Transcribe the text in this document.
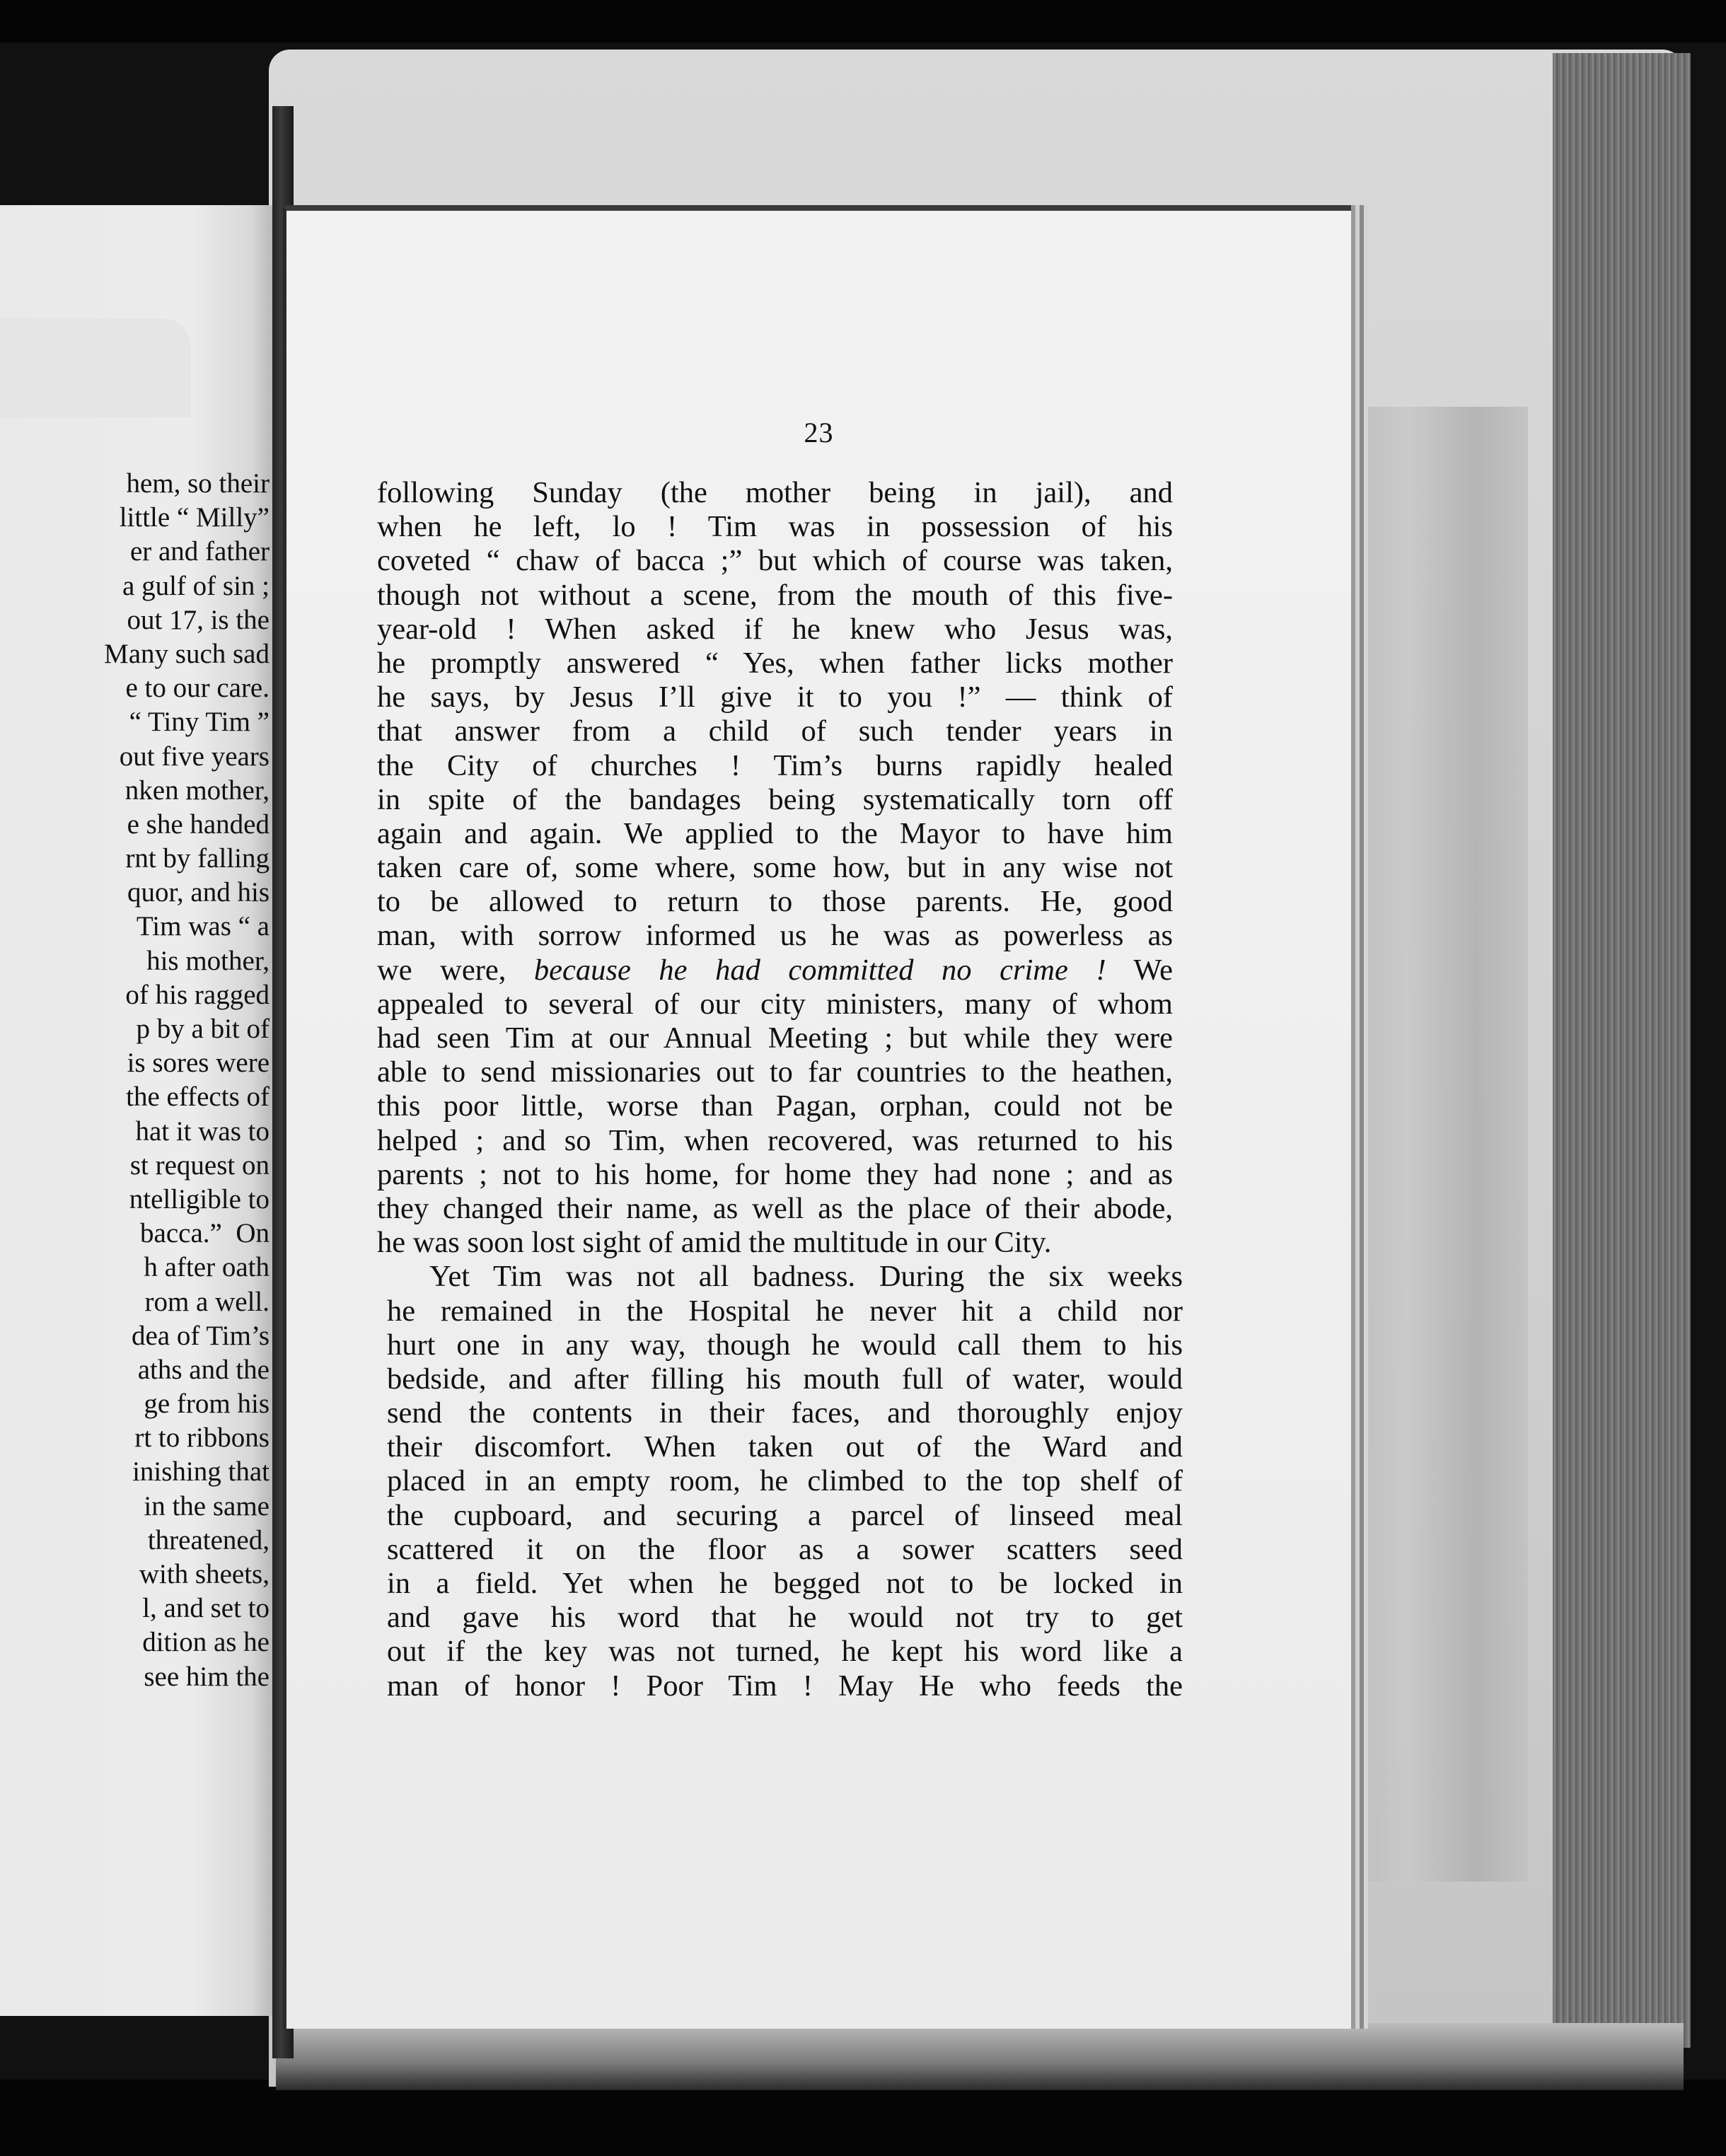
hem, so their
little “ Milly”
er and father
a gulf of sin ;
out 17, is the
Many such sad
e to our care.
“ Tiny Tim ”
out five years
nken mother,
e she handed
rnt by falling
quor, and his
Tim was “ a
his mother,
of his ragged
p by a bit of
is sores were
the effects of
hat it was to
st request on
ntelligible to
bacca.”  On
h after oath
rom a well.
dea of Tim’s
aths and the
ge from his
rt to ribbons
inishing that
in the same
threatened,
with sheets,
l, and set to
dition as he
see him the
23
following Sunday (the mother being in jail), and
when he left, lo ! Tim was in possession of his
coveted “ chaw of bacca ;” but which of course was taken,
though not without a scene, from the mouth of this five-
year-old ! When asked if he knew who Jesus was,
he promptly answered “ Yes, when father licks mother
he says, by Jesus I’ll give it to you !” — think of
that answer from a child of such tender years in
the City of churches ! Tim’s burns rapidly healed
in spite of the bandages being systematically torn off
again and again. We applied to the Mayor to have him
taken care of, some where, some how, but in any wise not
to be allowed to return to those parents. He, good
man, with sorrow informed us he was as powerless as
we were, because he had committed no crime ! We
appealed to several of our city ministers, many of whom
had seen Tim at our Annual Meeting ; but while they were
able to send missionaries out to far countries to the heathen,
this poor little, worse than Pagan, orphan, could not be
helped ; and so Tim, when recovered, was returned to his
parents ; not to his home, for home they had none ; and as
they changed their name, as well as the place of their abode,
he was soon lost sight of amid the multitude in our City.
Yet Tim was not all badness. During the six weeks
he remained in the Hospital he never hit a child nor
hurt one in any way, though he would call them to his
bedside, and after filling his mouth full of water, would
send the contents in their faces, and thoroughly enjoy
their discomfort. When taken out of the Ward and
placed in an empty room, he climbed to the top shelf of
the cupboard, and securing a parcel of linseed meal
scattered it on the floor as a sower scatters seed
in a field. Yet when he begged not to be locked in
and gave his word that he would not try to get
out if the key was not turned, he kept his word like a
man of honor ! Poor Tim ! May He who feeds the
